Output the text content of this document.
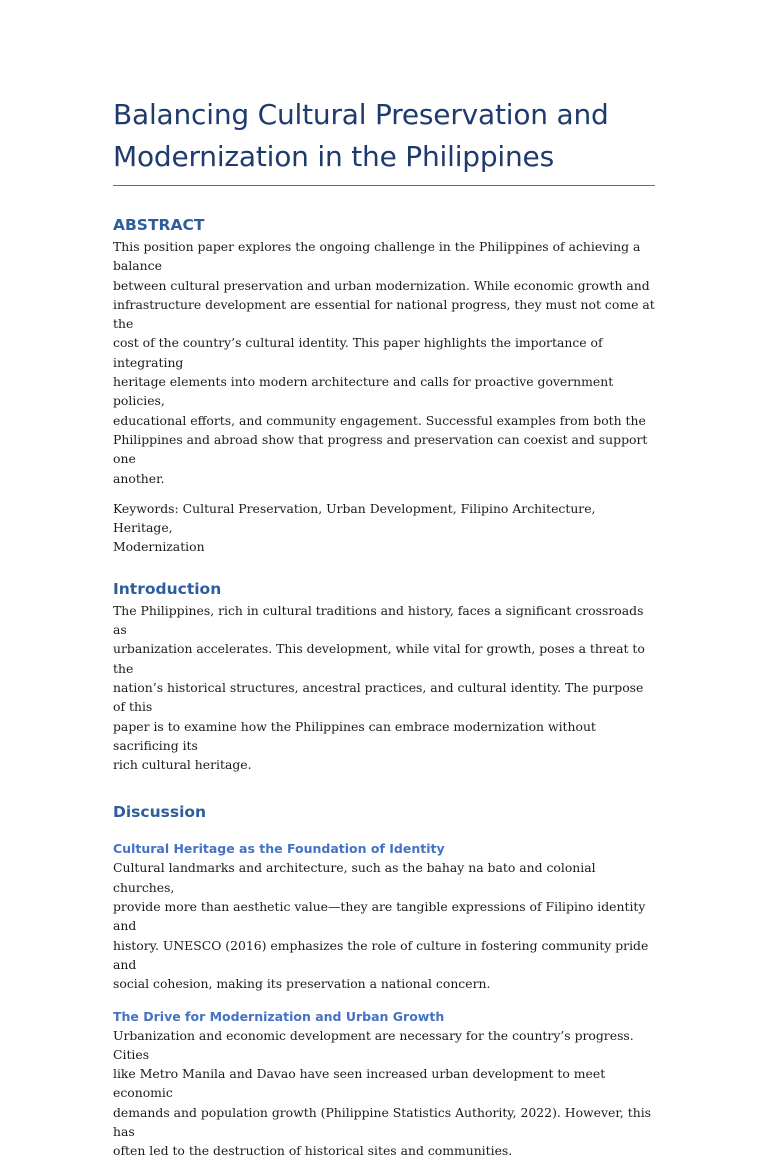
Balancing Cultural Preservation and
Modernization in the Philippines
ABSTRACT

This position paper explores the ongoing challenge in the Philippines of achieving a balance
between cultural preservation and urban modernization. While economic growth and
infrastructure development are essential for national progress, they must not come at the
cost of the country’s cultural identity. This paper highlights the importance of integrating
heritage elements into modern architecture and calls for proactive government policies,
educational efforts, and community engagement. Successful examples from both the
Philippines and abroad show that progress and preservation can coexist and support one
another.

Keywords: Cultural Preservation, Urban Development, Filipino Architecture, Heritage,
Modernization

Introduction

The Philippines, rich in cultural traditions and history, faces a significant crossroads as
urbanization accelerates. This development, while vital for growth, poses a threat to the
nation’s historical structures, ancestral practices, and cultural identity. The purpose of this
paper is to examine how the Philippines can embrace modernization without sacrificing its
rich cultural heritage.

Discussion
Cultural Heritage as the Foundation of Identity

Cultural landmarks and architecture, such as the bahay na bato and colonial churches,
provide more than aesthetic value—they are tangible expressions of Filipino identity and
history. UNESCO (2016) emphasizes the role of culture in fostering community pride and
social cohesion, making its preservation a national concern.

The Drive for Modernization and Urban Growth

Urbanization and economic development are necessary for the country’s progress. Cities
like Metro Manila and Davao have seen increased urban development to meet economic
demands and population growth (Philippine Statistics Authority, 2022). However, this has
often led to the destruction of historical sites and communities.
